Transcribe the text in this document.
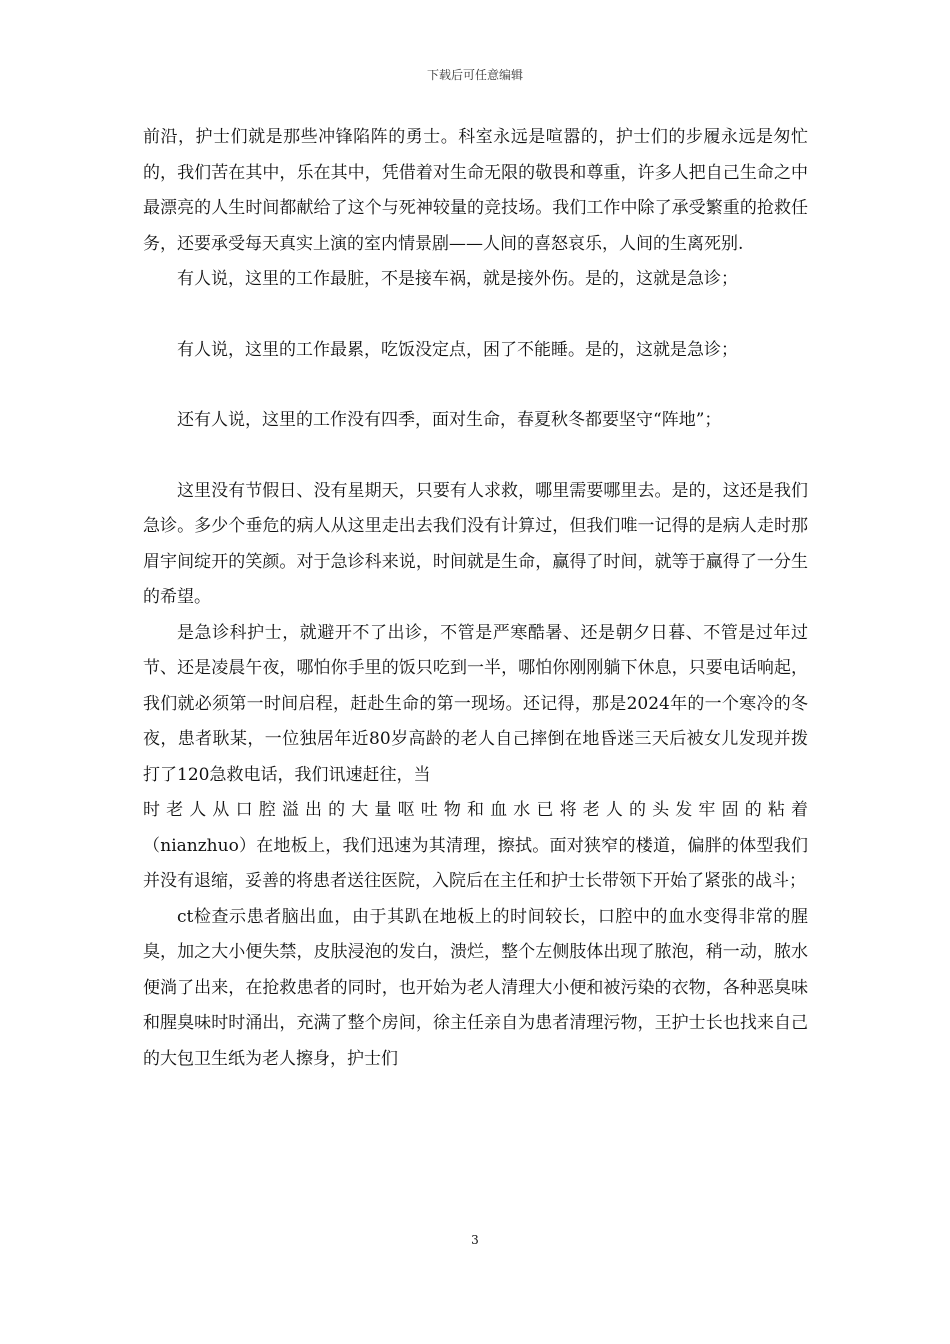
下载后可任意编辑

前沿，护士们就是那些冲锋陷阵的勇士。科室永远是喧嚣的，护士们的步履永远是匆忙的，我们苦在其中，乐在其中，凭借着对生命无限的敬畏和尊重，许多人把自己生命之中最漂亮的人生时间都献给了这个与死神较量的竞技场。我们工作中除了承受繁重的抢救任务，还要承受每天真实上演的室内情景剧——人间的喜怒哀乐，人间的生离死别.

有人说，这里的工作最脏，不是接车祸，就是接外伤。是的，这就是急诊；

有人说，这里的工作最累，吃饭没定点，困了不能睡。是的，这就是急诊；

还有人说，这里的工作没有四季，面对生命，春夏秋冬都要坚守“阵地”；

这里没有节假日、没有星期天，只要有人求救，哪里需要哪里去。是的，这还是我们急诊。多少个垂危的病人从这里走出去我们没有计算过，但我们唯一记得的是病人走时那眉宇间绽开的笑颜。对于急诊科来说，时间就是生命，赢得了时间，就等于赢得了一分生的希望。

是急诊科护士，就避开不了出诊，不管是严寒酷暑、还是朝夕日暮、不管是过年过节、还是凌晨午夜，哪怕你手里的饭只吃到一半，哪怕你刚刚躺下休息，只要电话响起，我们就必须第一时间启程，赶赴生命的第一现场。还记得，那是2024年的一个寒冷的冬夜，患者耿某，一位独居年近80岁高龄的老人自己摔倒在地昏迷三天后被女儿发现并拨打了120急救电话，我们讯速赶往，当

时老人从口腔溢出的大量呕吐物和血水已将老人的头发牢固的粘着

（nianzhuo）在地板上，我们迅速为其清理，擦拭。面对狭窄的楼道，偏胖的体型我们并没有退缩，妥善的将患者送往医院，入院后在主任和护士长带领下开始了紧张的战斗；

ct检查示患者脑出血，由于其趴在地板上的时间较长，口腔中的血水变得非常的腥臭，加之大小便失禁，皮肤浸泡的发白，溃烂，整个左侧肢体出现了脓泡，稍一动，脓水便淌了出来，在抢救患者的同时，也开始为老人清理大小便和被污染的衣物，各种恶臭味和腥臭味时时涌出，充满了整个房间，徐主任亲自为患者清理污物，王护士长也找来自己的大包卫生纸为老人擦身，护士们

3
